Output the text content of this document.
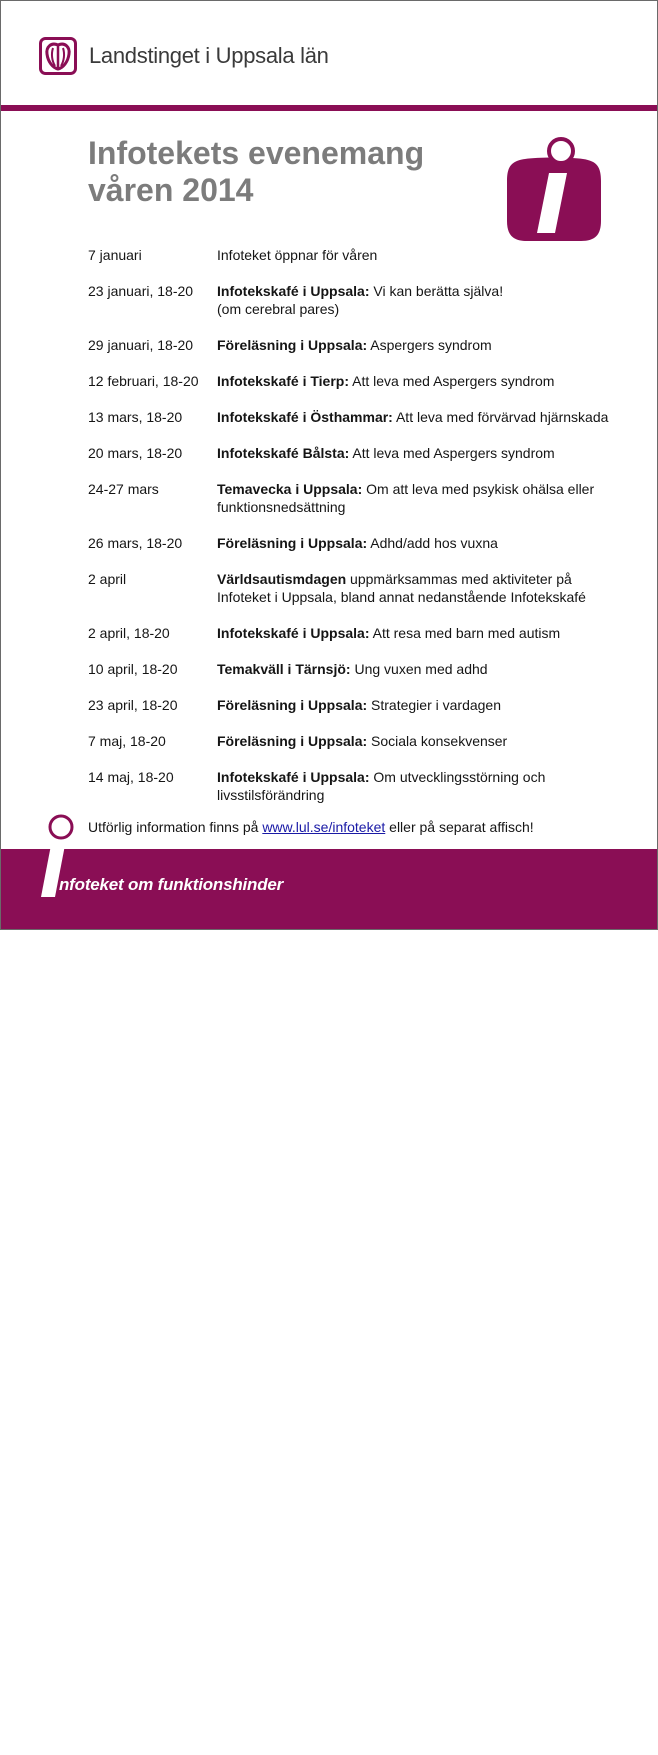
Landstinget i Uppsala län
Infotekets evenemang
våren 2014
7 januari	Infoteket öppnar för våren
23 januari, 18-20	Infotekskafé i Uppsala: Vi kan berätta själva!
(om cerebral pares)
29 januari, 18-20	Föreläsning i Uppsala: Aspergers syndrom
12 februari, 18-20	Infotekskafé i Tierp: Att leva med Aspergers syndrom
13 mars, 18-20	Infotekskafé i Östhammar: Att leva med förvärvad hjärnskada
20 mars, 18-20	Infotekskafé Bålsta: Att leva med Aspergers syndrom
24-27 mars	Temavecka i Uppsala: Om att leva med psykisk ohälsa eller
funktionsnedsättning
26 mars, 18-20	Föreläsning i Uppsala: Adhd/add hos vuxna
2 april	Världsautismdagen uppmärksammas med aktiviteter på
Infoteket i Uppsala, bland annat nedanstående Infotekskafé
2 april, 18-20	Infotekskafé i Uppsala: Att resa med barn med autism
10 april, 18-20	Temakväll i Tärnsjö: Ung vuxen med adhd
23 april, 18-20	Föreläsning i Uppsala: Strategier i vardagen
7 maj, 18-20	Föreläsning i Uppsala: Sociala konsekvenser
14 maj, 18-20	Infotekskafé i Uppsala: Om utvecklingsstörning och
livsstilsförändring
Utförlig information finns på www.lul.se/infoteket eller på separat affisch!
www.lul.se/infoteket
telefon 018-611 66 77
nfoteket om funktionshinder
